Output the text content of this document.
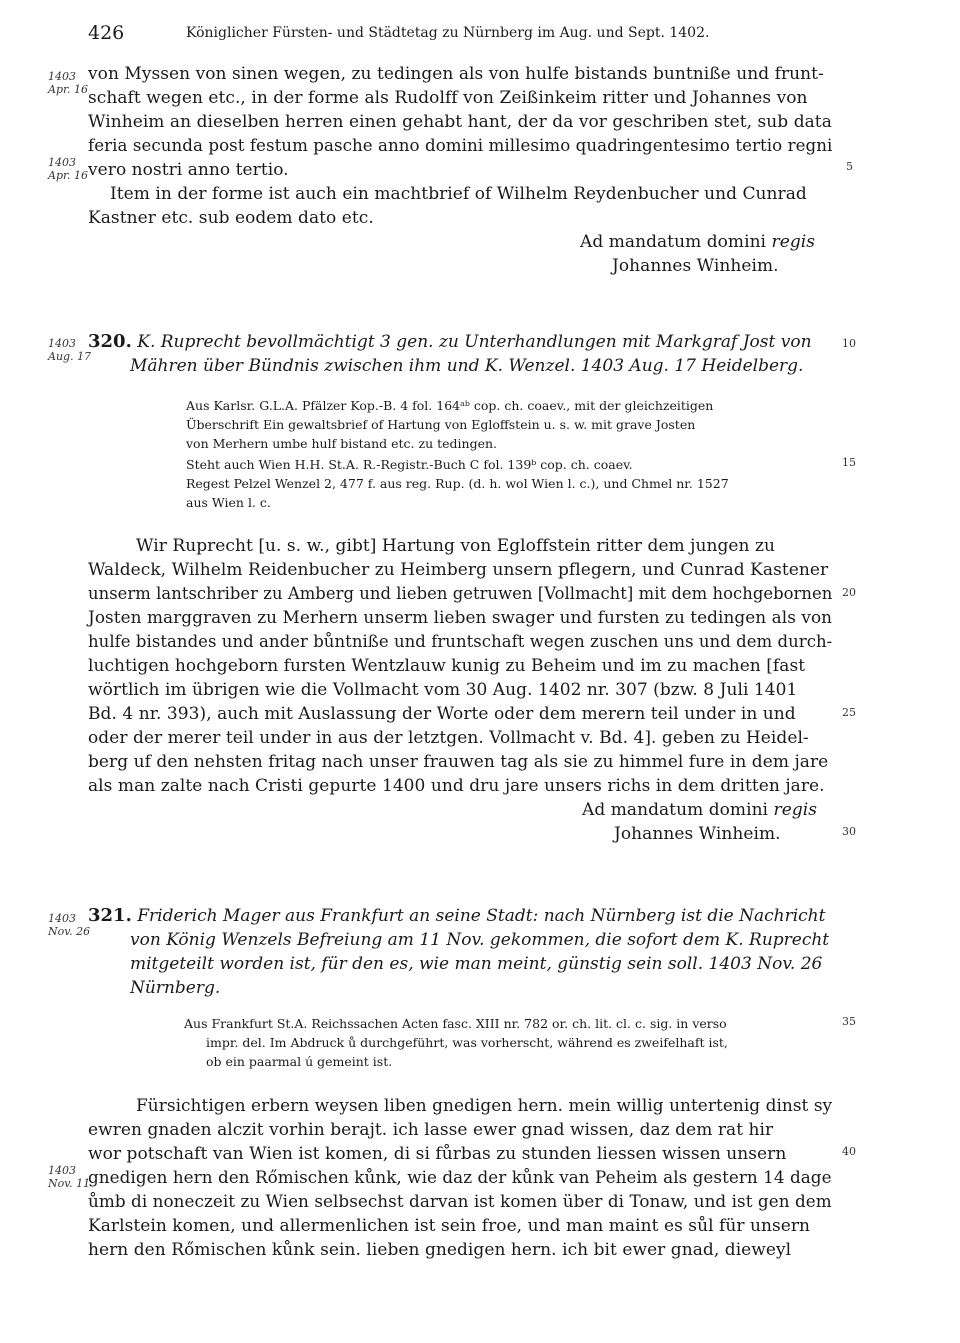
426	Königlicher Fürsten- und Städtetag zu Nürnberg im Aug. und Sept. 1402.
1403
Apr. 16
1403
Apr. 16
1403
Aug. 17
1403
Nov. 26
1403
Nov. 11
5
10
15
20
25
30
35
40
von Myssen von sinen wegen, zu tedingen als von hulfe bistands buntniße und frunt-
schaft wegen etc., in der forme als Rudolff von Zeißinkeim ritter und Johannes von
Winheim an dieselben herren einen gehabt hant, der da vor geschriben stet, sub data
feria secunda post festum pasche anno domini millesimo quadringentesimo tertio regni
vero nostri anno tertio.
Item in der forme ist auch ein machtbrief of Wilhelm Reydenbucher und Cunrad
Kastner etc. sub eodem dato etc.
Ad mandatum domini regis
Johannes Winheim.
320. K. Ruprecht bevollmächtigt 3 gen. zu Unterhandlungen mit Markgraf Jost von
Mähren über Bündnis zwischen ihm und K. Wenzel. 1403 Aug. 17 Heidelberg.
Aus Karlsr. G.L.A. Pfälzer Kop.-B. 4 fol. 164ᵃᵇ cop. ch. coaev., mit der gleichzeitigen
Überschrift Ein gewaltsbrief of Hartung von Egloffstein u. s. w. mit grave Josten
von Merhern umbe hulf bistand etc. zu tedingen.
Steht auch Wien H.H. St.A. R.-Registr.-Buch C fol. 139ᵇ cop. ch. coaev.
Regest Pelzel Wenzel 2, 477 f. aus reg. Rup. (d. h. wol Wien l. c.), und Chmel nr. 1527
aus Wien l. c.
Wir Ruprecht [u. s. w., gibt] Hartung von Egloffstein ritter dem jungen zu
Waldeck, Wilhelm Reidenbucher zu Heimberg unsern pflegern, und Cunrad Kastener
unserm lantschriber zu Amberg und lieben getruwen [Vollmacht] mit dem hochgebornen
Josten marggraven zu Merhern unserm lieben swager und fursten zu tedingen als von
hulfe bistandes und ander bůntniße und fruntschaft wegen zuschen uns und dem durch-
luchtigen hochgeborn fursten Wentzlauw kunig zu Beheim und im zu machen [fast
wörtlich im übrigen wie die Vollmacht vom 30 Aug. 1402 nr. 307 (bzw. 8 Juli 1401
Bd. 4 nr. 393), auch mit Auslassung der Worte oder dem merern teil under in und
oder der merer teil under in aus der letztgen. Vollmacht v. Bd. 4]. geben zu Heidel-
berg uf den nehsten fritag nach unser frauwen tag als sie zu himmel fure in dem jare
als man zalte nach Cristi gepurte 1400 und dru jare unsers richs in dem dritten jare.
Ad mandatum domini regis
Johannes Winheim.
321. Friderich Mager aus Frankfurt an seine Stadt: nach Nürnberg ist die Nachricht
von König Wenzels Befreiung am 11 Nov. gekommen, die sofort dem K. Ruprecht
mitgeteilt worden ist, für den es, wie man meint, günstig sein soll. 1403 Nov. 26
Nürnberg.
Aus Frankfurt St.A. Reichssachen Acten fasc. XIII nr. 782 or. ch. lit. cl. c. sig. in verso
impr. del. Im Abdruck ů durchgeführt, was vorherscht, während es zweifelhaft ist,
ob ein paarmal ú gemeint ist.
Fürsichtigen erbern weysen liben gnedigen hern. mein willig untertenig dinst sy
ewren gnaden alczit vorhin berajt. ich lasse ewer gnad wissen, daz dem rat hir
wor potschaft van Wien ist komen, di si fůrbas zu stunden liessen wissen unsern
gnedigen hern den Rőmischen kůnk, wie daz der kůnk van Peheim als gestern 14 dage
ůmb di noneczeit zu Wien selbsechst darvan ist komen über di Tonaw, und ist gen dem
Karlstein komen, und allermenlichen ist sein froe, und man maint es sůl für unsern
hern den Rőmischen kůnk sein. lieben gnedigen hern. ich bit ewer gnad, dieweyl
